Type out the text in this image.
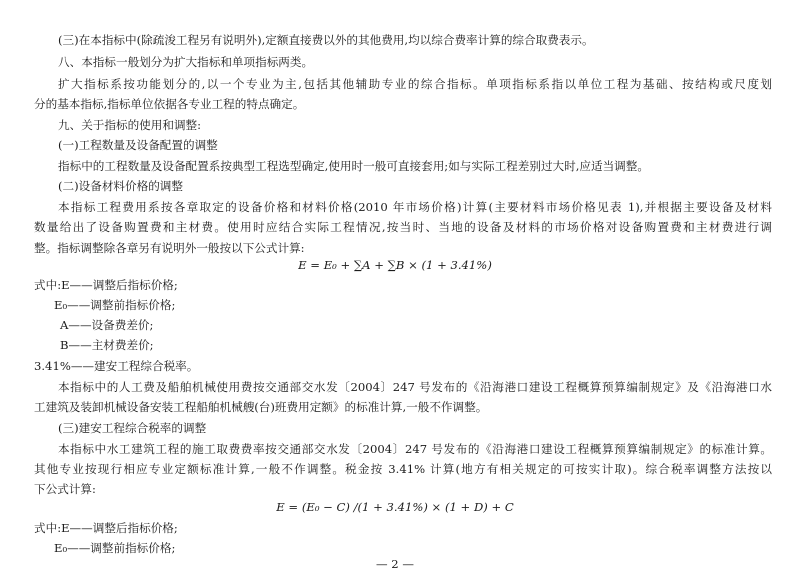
(三)在本指标中(除疏浚工程另有说明外),定额直接费以外的其他费用,均以综合费率计算的综合取费表示。
八、本指标一般划分为扩大指标和单项指标两类。
扩大指标系按功能划分的,以一个专业为主,包括其他辅助专业的综合指标。单项指标系指以单位工程为基础、按结构或尺度划
分的基本指标,指标单位依据各专业工程的特点确定。
九、关于指标的使用和调整:
(一)工程数量及设备配置的调整
指标中的工程数量及设备配置系按典型工程选型确定,使用时一般可直接套用;如与实际工程差别过大时,应适当调整。
(二)设备材料价格的调整
本指标工程费用系按各章取定的设备价格和材料价格(2010 年市场价格)计算(主要材料市场价格见表 1),并根据主要设备及材料
数量给出了设备购置费和主材费。使用时应结合实际工程情况,按当时、当地的设备及材料的市场价格对设备购置费和主材费进行调
整。指标调整除各章另有说明外一般按以下公式计算:
E = E₀ + ∑A + ∑B × (1 + 3.41%)
式中:E——调整后指标价格;
E₀——调整前指标价格;
A——设备费差价;
B——主材费差价;
3.41%——建安工程综合税率。
本指标中的人工费及船舶机械使用费按交通部交水发〔2004〕247 号发布的《沿海港口建设工程概算预算编制规定》及《沿海港口水
工建筑及装卸机械设备安装工程船舶机械艘(台)班费用定额》的标准计算,一般不作调整。
(三)建安工程综合税率的调整
本指标中水工建筑工程的施工取费费率按交通部交水发〔2004〕247 号发布的《沿海港口建设工程概算预算编制规定》的标准计算。
其他专业按现行相应专业定额标准计算,一般不作调整。税金按 3.41% 计算(地方有相关规定的可按实计取)。综合税率调整方法按以
下公式计算:
E = (E₀ − C) /(1 + 3.41%) × (1 + D) + C
式中:E——调整后指标价格;
E₀——调整前指标价格;
— 2 —
